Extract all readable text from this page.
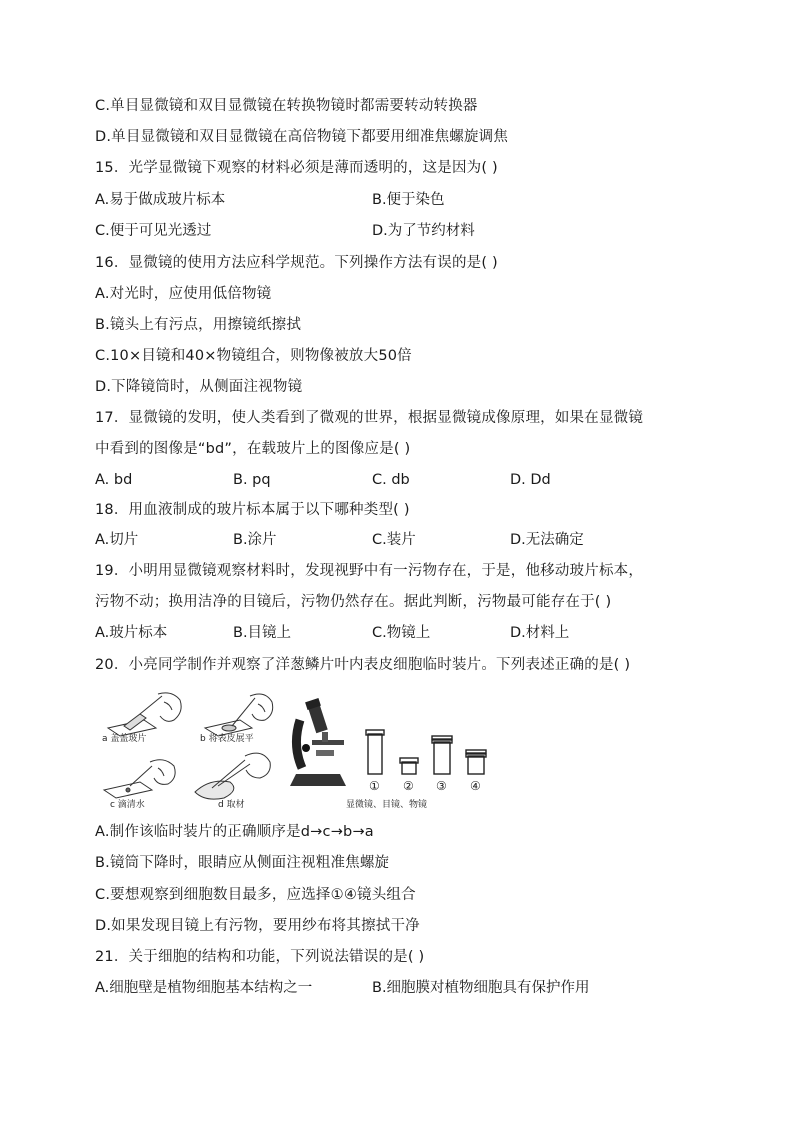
C.单目显微镜和双目显微镜在转换物镜时都需要转动转换器
D.单目显微镜和双目显微镜在高倍物镜下都要用细准焦螺旋调焦
15．光学显微镜下观察的材料必须是薄而透明的，这是因为( )
A.易于做成玻片标本	B.便于染色
C.便于可见光透过	D.为了节约材料
16．显微镜的使用方法应科学规范。下列操作方法有误的是( )
A.对光时，应使用低倍物镜
B.镜头上有污点，用擦镜纸擦拭
C.10×目镜和40×物镜组合，则物像被放大50倍
D.下降镜筒时，从侧面注视物镜
17．显微镜的发明，使人类看到了微观的世界，根据显微镜成像原理，如果在显微镜
中看到的图像是“bd”，在载玻片上的图像应是( )
A. bd	B. pq	C. db	D. Dd
18．用血液制成的玻片标本属于以下哪种类型( )
A.切片	B.涂片	C.装片	D.无法确定
19．小明用显微镜观察材料时，发现视野中有一污物存在，于是，他移动玻片标本，
污物不动；换用洁净的目镜后，污物仍然存在。据此判断，污物最可能存在于( )
A.玻片标本	B.目镜上	C.物镜上	D.材料上
20．小亮同学制作并观察了洋葱鳞片叶内表皮细胞临时装片。下列表述正确的是( )
a 盖盖玻片	b 将表皮展平
c 滴清水	d 取材
① ② ③ ④
显微镜、目镜、物镜
A.制作该临时装片的正确顺序是d→c→b→a
B.镜筒下降时，眼睛应从侧面注视粗准焦螺旋
C.要想观察到细胞数目最多，应选择①④镜头组合
D.如果发现目镜上有污物，要用纱布将其擦拭干净
21．关于细胞的结构和功能，下列说法错误的是( )
A.细胞壁是植物细胞基本结构之一	B.细胞膜对植物细胞具有保护作用
